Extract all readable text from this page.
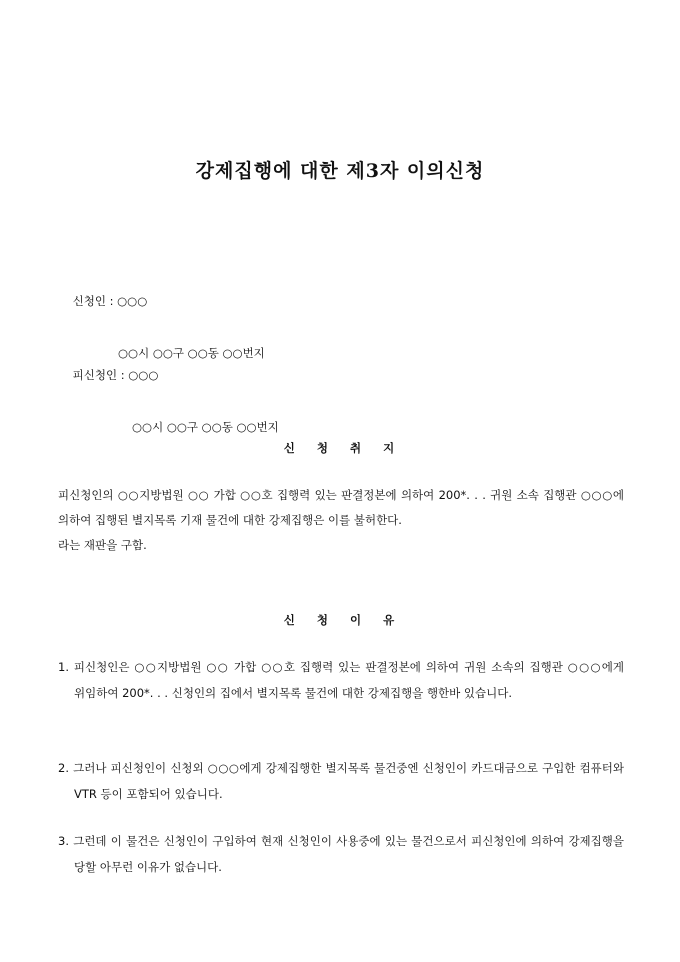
강제집행에 대한 제3자 이의신청

신청인 : ○○○

○○시 ○○구 ○○동 ○○번지

피신청인 : ○○○

○○시 ○○구 ○○동 ○○번지

신 청 취 지

피신청인의 ○○지방법원 ○○ 가합 ○○호 집행력 있는 판결정본에 의하여 200*. . . 귀원 소속 집행관 ○○○에 의하여 집행된 별지목록 기재 물건에 대한 강제집행은 이를 불허한다.

라는 재판을 구함.

신 청 이 유
1. 피신청인은 ○○지방법원 ○○ 가합 ○○호 집행력 있는 판결정본에 의하여 귀원 소속의 집행관 ○○○에게 위임하여 200*. . . 신청인의 집에서 별지목록 물건에 대한 강제집행을 행한바 있습니다.
2. 그러나 피신청인이 신청외 ○○○에게 강제집행한 별지목록 물건중엔 신청인이 카드대금으로 구입한 컴퓨터와 VTR 등이 포함되어 있습니다.
3. 그런데 이 물건은 신청인이 구입하여 현재 신청인이 사용중에 있는 물건으로서 피신청인에 의하여 강제집행을 당할 아무런 이유가 없습니다.
